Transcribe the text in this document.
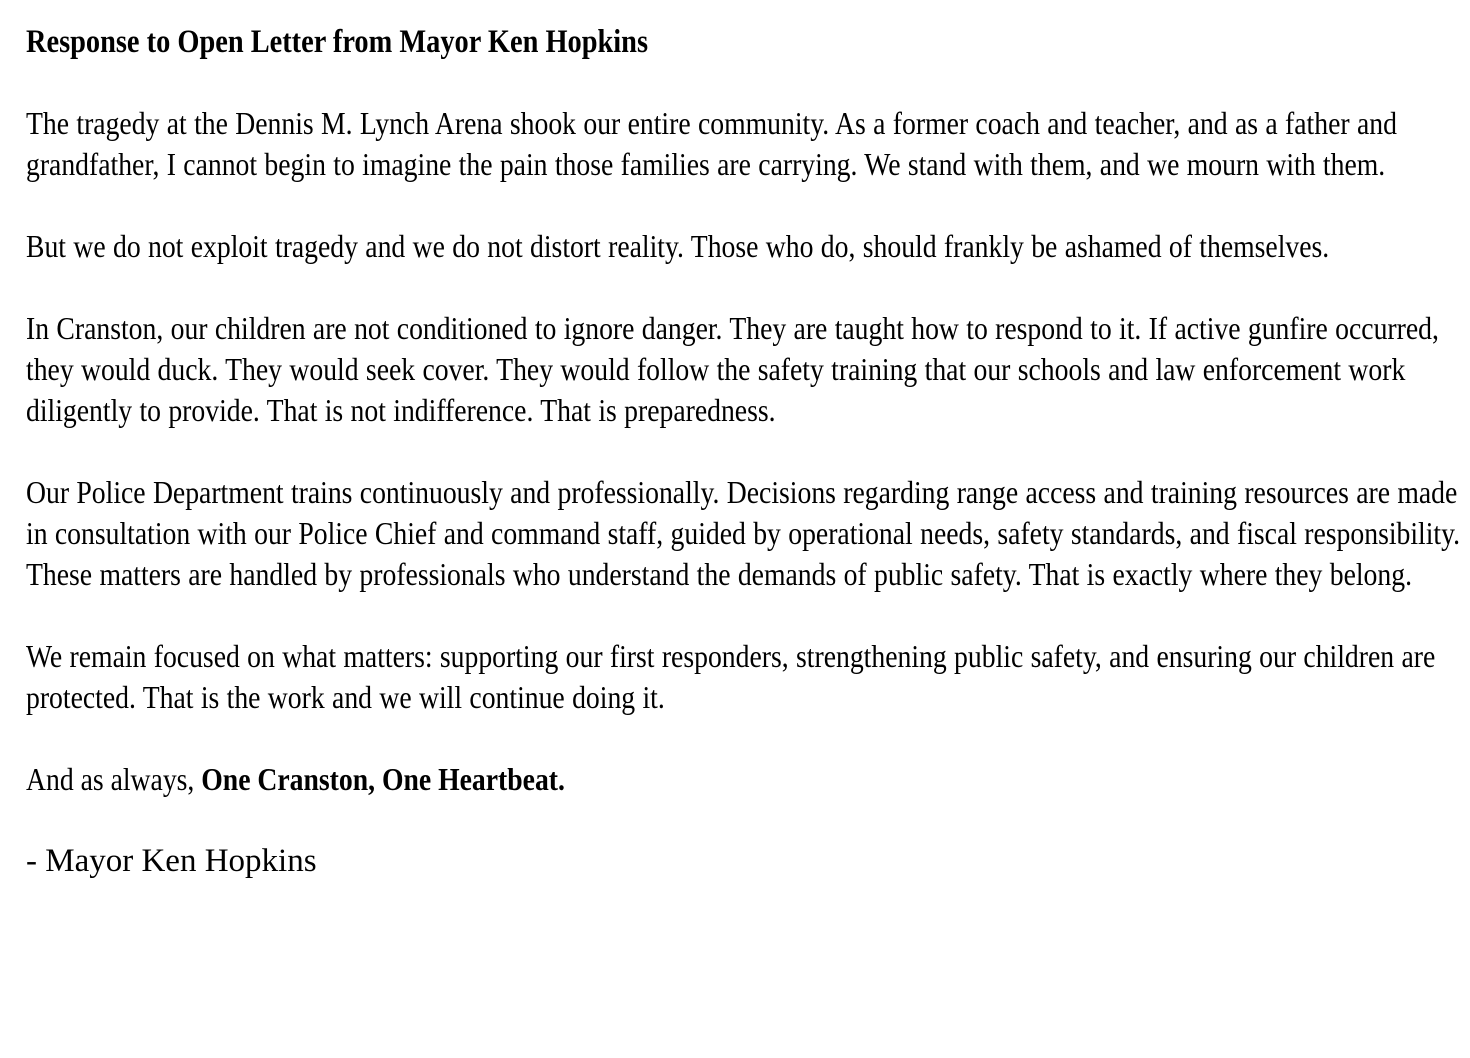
Response to Open Letter from Mayor Ken Hopkins

The tragedy at the Dennis M. Lynch Arena shook our entire community. As a former coach and teacher, and as a father and grandfather, I cannot begin to imagine the pain those families are carrying. We stand with them, and we mourn with them.

But we do not exploit tragedy and we do not distort reality. Those who do, should frankly be ashamed of themselves.

In Cranston, our children are not conditioned to ignore danger. They are taught how to respond to it. If active gunfire occurred, they would duck. They would seek cover. They would follow the safety training that our schools and law enforcement work diligently to provide. That is not indifference. That is preparedness.

Our Police Department trains continuously and professionally. Decisions regarding range access and training resources are made in consultation with our Police Chief and command staff, guided by operational needs, safety standards, and fiscal responsibility. These matters are handled by professionals who understand the demands of public safety. That is exactly where they belong.

We remain focused on what matters: supporting our first responders, strengthening public safety, and ensuring our children are protected. That is the work and we will continue doing it.

And as always, One Cranston, One Heartbeat.

- Mayor Ken Hopkins
